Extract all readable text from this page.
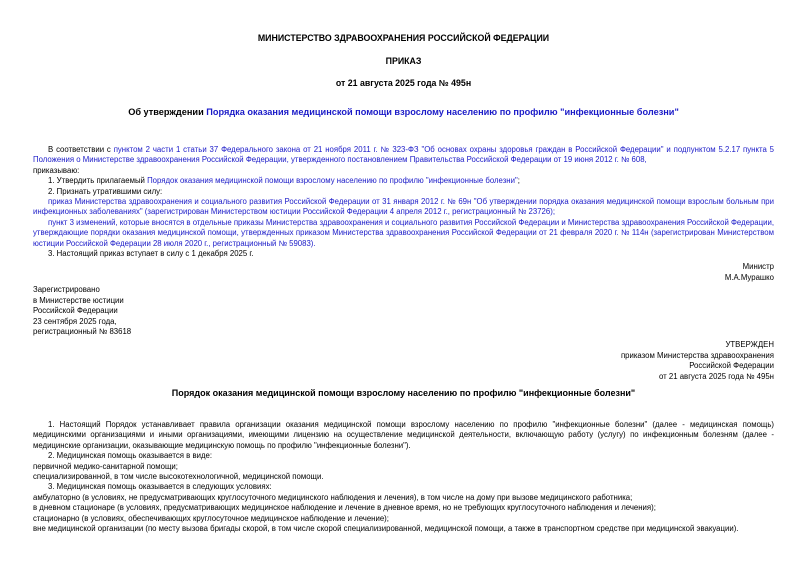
МИНИСТЕРСТВО ЗДРАВООХРАНЕНИЯ РОССИЙСКОЙ ФЕДЕРАЦИИ
ПРИКАЗ
от 21 августа 2025 года № 495н
Об утверждении Порядка оказания медицинской помощи взрослому населению по профилю "инфекционные болезни"

В соответствии с пунктом 2 части 1 статьи 37 Федерального закона от 21 ноября 2011 г. № 323-ФЗ "Об основах охраны здоровья граждан в Российской Федерации" и подпунктом 5.2.17 пункта 5 Положения о Министерстве здравоохранения Российской Федерации, утвержденного постановлением Правительства Российской Федерации от 19 июня 2012 г. № 608,

приказываю:

1. Утвердить прилагаемый Порядок оказания медицинской помощи взрослому населению по профилю "инфекционные болезни";

2. Признать утратившими силу:

приказ Министерства здравоохранения и социального развития Российской Федерации от 31 января 2012 г. № 69н "Об утверждении порядка оказания медицинской помощи взрослым больным при инфекционных заболеваниях" (зарегистрирован Министерством юстиции Российской Федерации 4 апреля 2012 г., регистрационный № 23726);

пункт 3 изменений, которые вносятся в отдельные приказы Министерства здравоохранения и социального развития Российской Федерации и Министерства здравоохранения Российской Федерации, утверждающие порядки оказания медицинской помощи, утвержденных приказом Министерства здравоохранения Российской Федерации от 21 февраля 2020 г. № 114н (зарегистрирован Министерством юстиции Российской Федерации 28 июля 2020 г., регистрационный № 59083).

3. Настоящий приказ вступает в силу с 1 декабря 2025 г.

Министр
М.А.Мурашко
Зарегистрировано
в Министерстве юстиции
Российской Федерации
23 сентября 2025 года,
регистрационный № 83618
УТВЕРЖДЕН
приказом Министерства здравоохранения
Российской Федерации
от 21 августа 2025 года № 495н
Порядок оказания медицинской помощи взрослому населению по профилю "инфекционные болезни"

1. Настоящий Порядок устанавливает правила организации оказания медицинской помощи взрослому населению по профилю "инфекционные болезни" (далее - медицинская помощь) медицинскими организациями и иными организациями, имеющими лицензию на осуществление медицинской деятельности, включающую работу (услугу) по инфекционным болезням (далее - медицинские организации, оказывающие медицинскую помощь по профилю "инфекционные болезни").

2. Медицинская помощь оказывается в виде:

первичной медико-санитарной помощи;

специализированной, в том числе высокотехнологичной, медицинской помощи.

3. Медицинская помощь оказывается в следующих условиях:

амбулаторно (в условиях, не предусматривающих круглосуточного медицинского наблюдения и лечения), в том числе на дому при вызове медицинского работника;

в дневном стационаре (в условиях, предусматривающих медицинское наблюдение и лечение в дневное время, но не требующих круглосуточного наблюдения и лечения);

стационарно (в условиях, обеспечивающих круглосуточное медицинское наблюдение и лечение);

вне медицинской организации (по месту вызова бригады скорой, в том числе скорой специализированной, медицинской помощи, а также в транспортном средстве при медицинской эвакуации).
